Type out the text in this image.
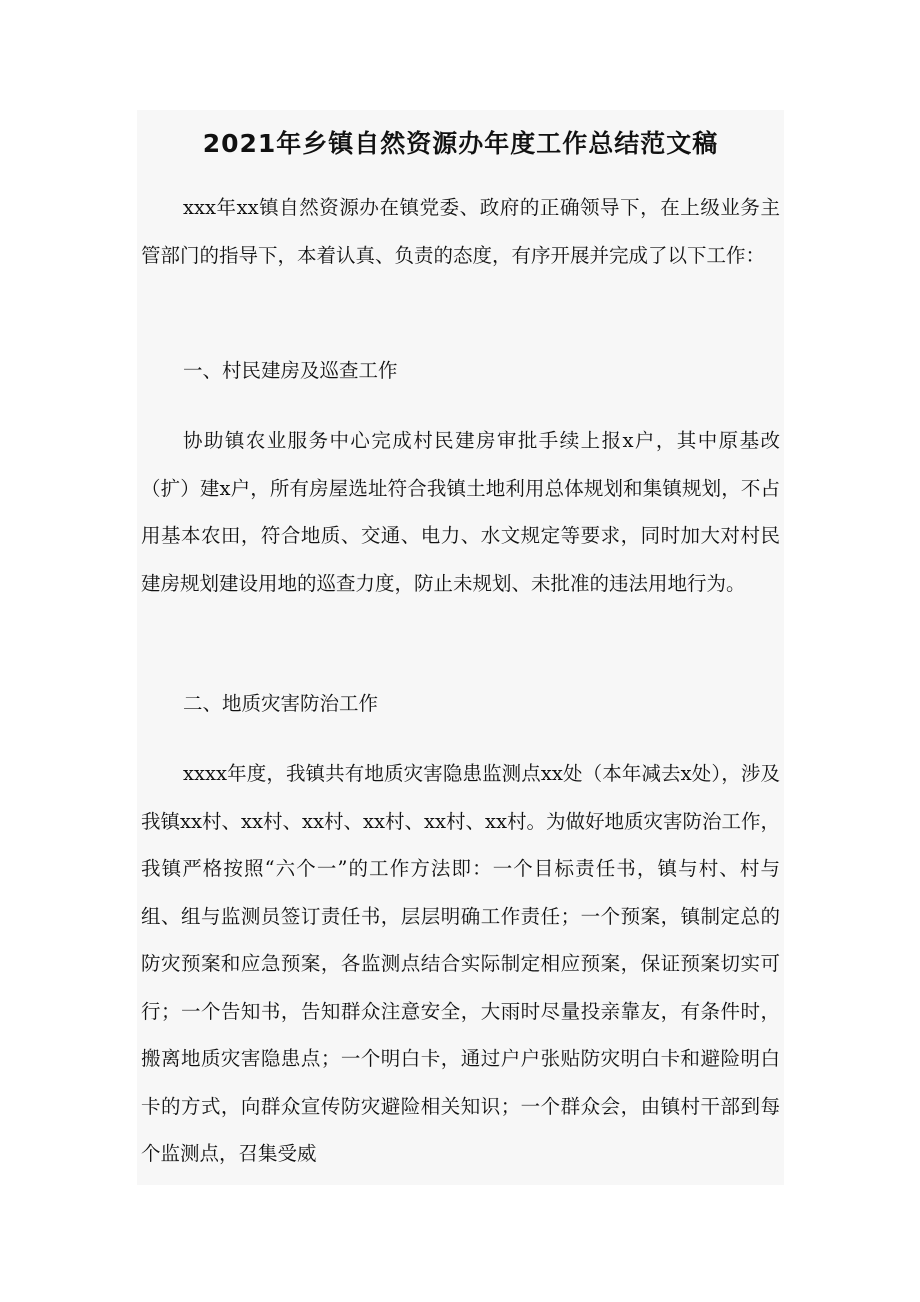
2021年乡镇自然资源办年度工作总结范文稿

xxx年xx镇自然资源办在镇党委、政府的正确领导下，在上级业务主管部门的指导下，本着认真、负责的态度，有序开展并完成了以下工作：

一、村民建房及巡查工作

协助镇农业服务中心完成村民建房审批手续上报x户，其中原基改（扩）建x户，所有房屋选址符合我镇土地利用总体规划和集镇规划，不占用基本农田，符合地质、交通、电力、水文规定等要求，同时加大对村民建房规划建设用地的巡查力度，防止未规划、未批准的违法用地行为。

二、地质灾害防治工作

xxxx年度，我镇共有地质灾害隐患监测点xx处（本年减去x处），涉及我镇xx村、xx村、xx村、xx村、xx村、xx村。为做好地质灾害防治工作，我镇严格按照“六个一”的工作方法即：一个目标责任书，镇与村、村与组、组与监测员签订责任书，层层明确工作责任；一个预案，镇制定总的防灾预案和应急预案，各监测点结合实际制定相应预案，保证预案切实可行；一个告知书，告知群众注意安全，大雨时尽量投亲靠友，有条件时，搬离地质灾害隐患点；一个明白卡，通过户户张贴防灾明白卡和避险明白卡的方式，向群众宣传防灾避险相关知识；一个群众会，由镇村干部到每个监测点，召集受威
